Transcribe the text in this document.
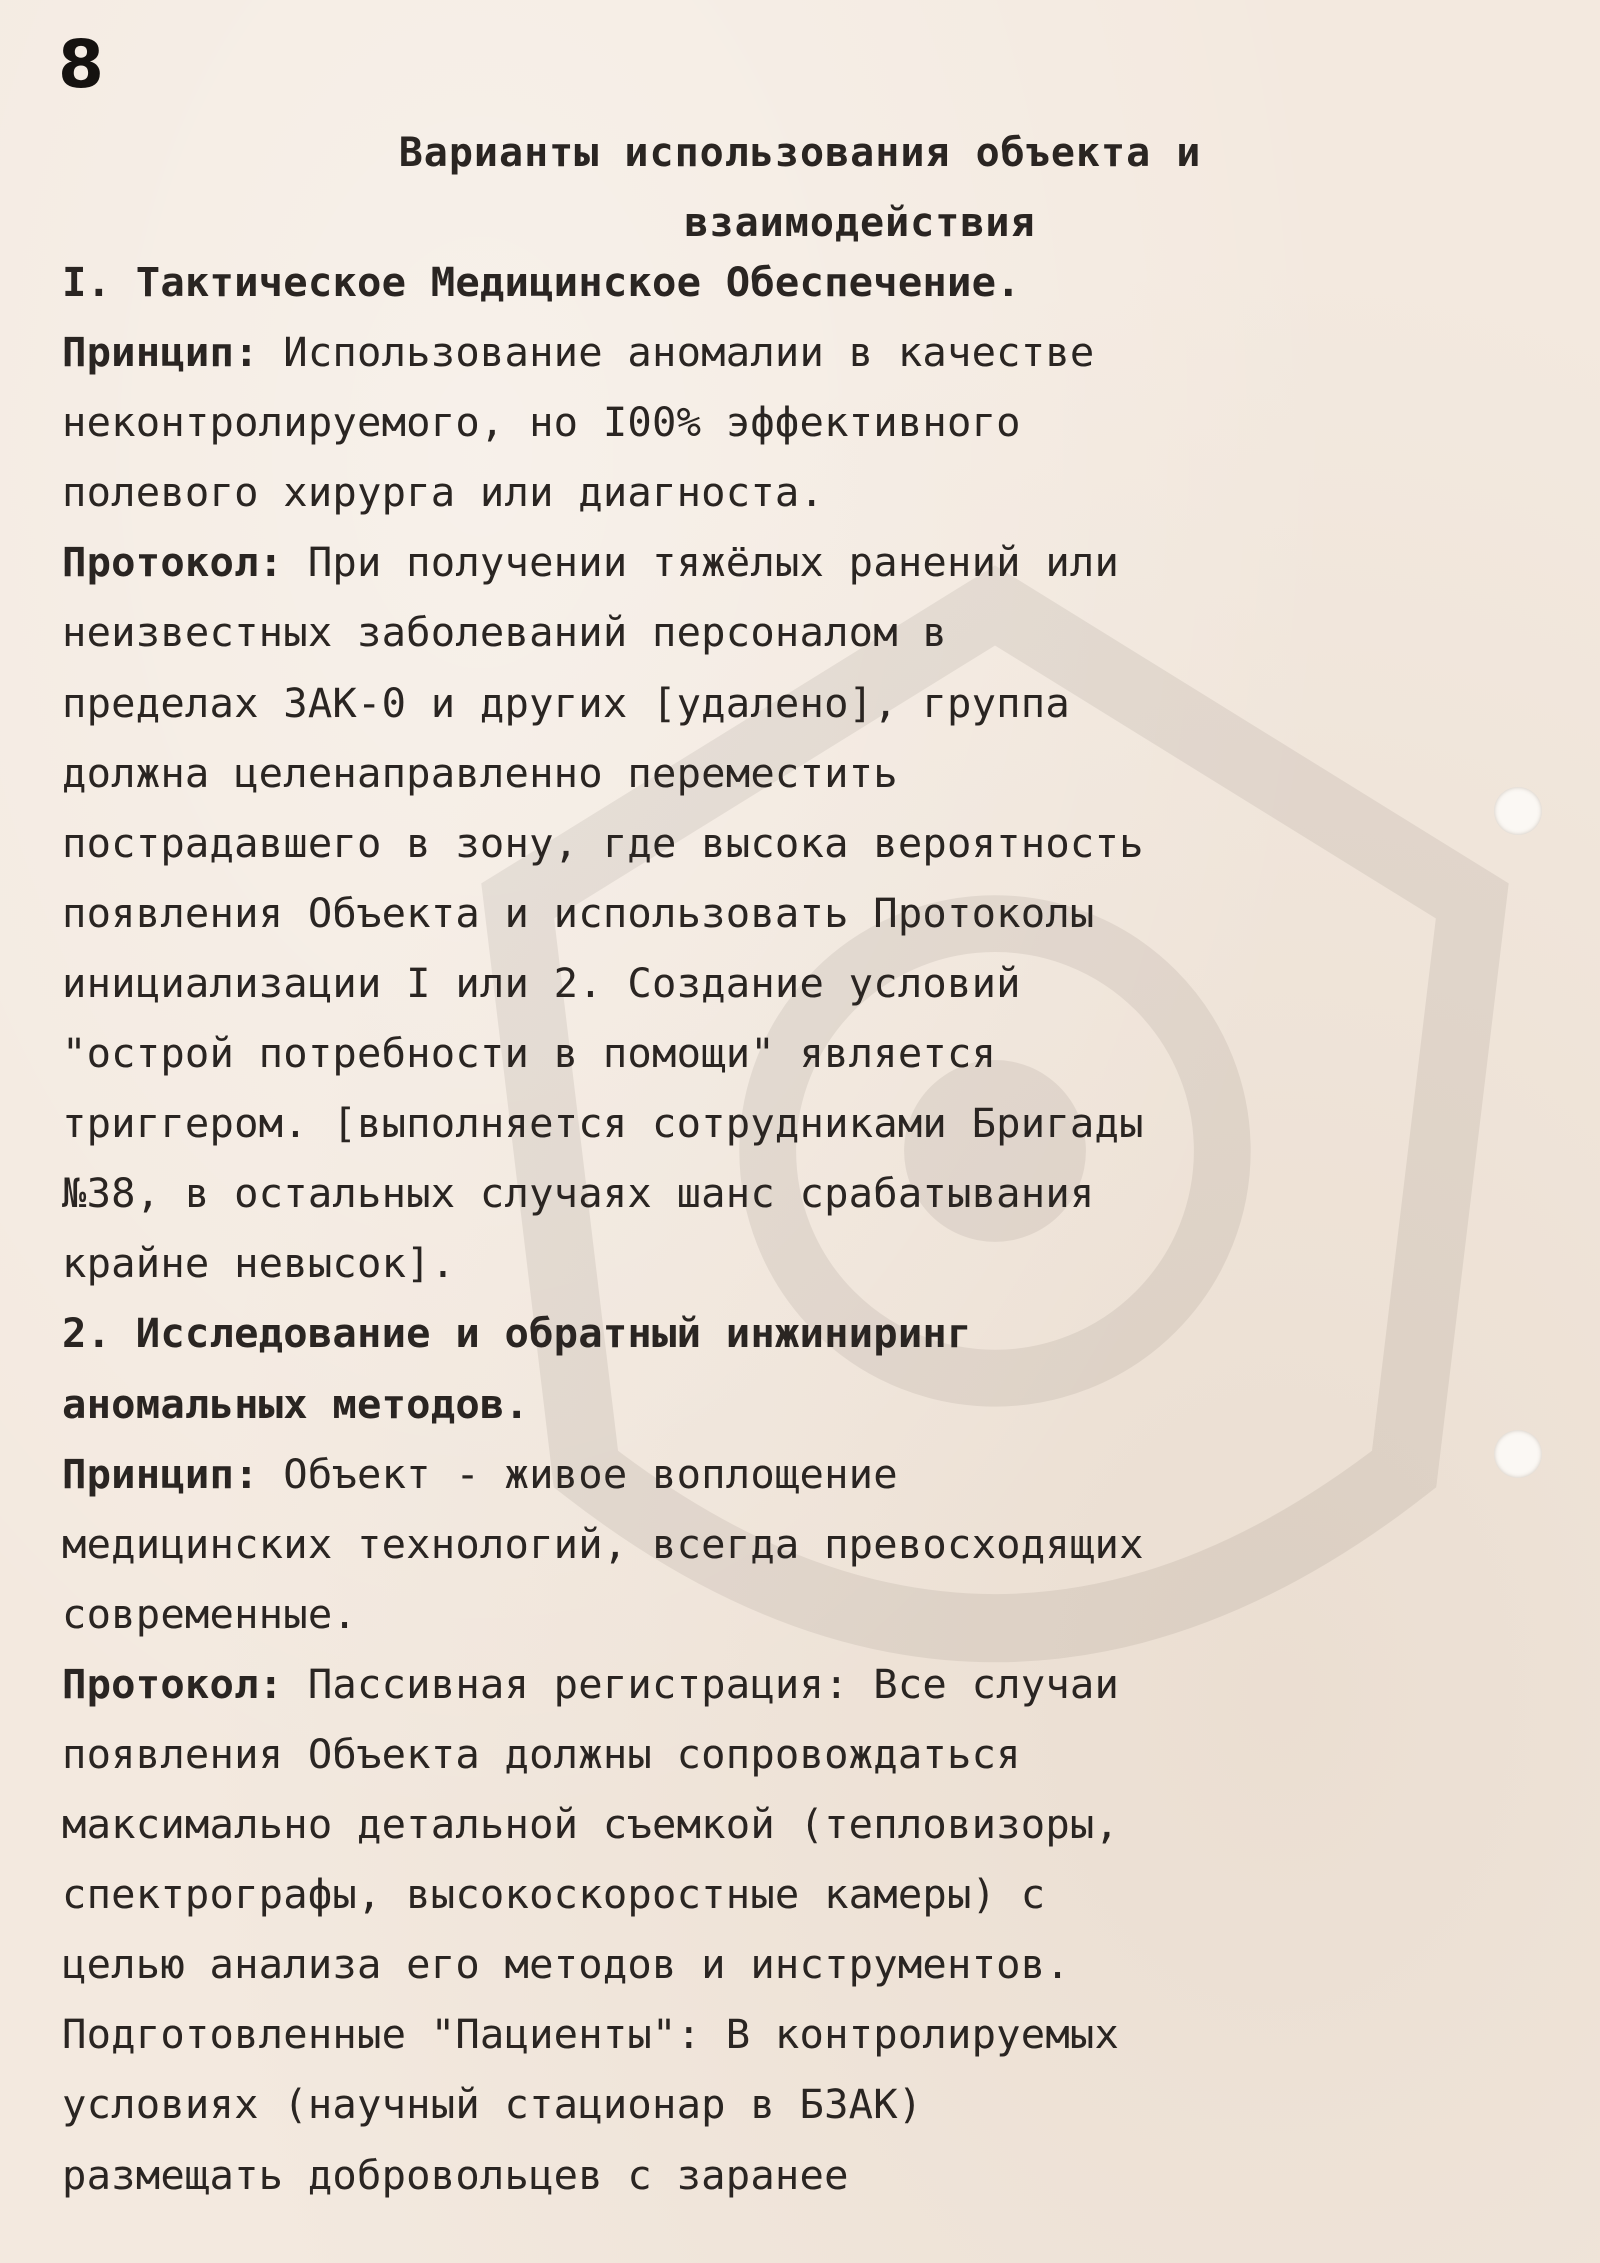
8
Варианты использования объекта и
взаимодействия
I. Тактическое Медицинское Обеспечение.
Принцип: Использование аномалии в качестве
неконтролируемого, но I00% эффективного
полевого хирурга или диагноста.
Протокол: При получении тяжёлых ранений или
неизвестных заболеваний персоналом в
пределах ЗАК-0 и других [удалено], группа
должна целенаправленно переместить
пострадавшего в зону, где высока вероятность
появления Объекта и использовать Протоколы
инициализации I или 2. Создание условий
"острой потребности в помощи" является
триггером. [выполняется сотрудниками Бригады
№38, в остальных случаях шанс срабатывания
крайне невысок].
2. Исследование и обратный инжиниринг
аномальных методов.
Принцип: Объект - живое воплощение
медицинских технологий, всегда превосходящих
современные.
Протокол: Пассивная регистрация: Все случаи
появления Объекта должны сопровождаться
максимально детальной съемкой (тепловизоры,
спектрографы, высокоскоростные камеры) с
целью анализа его методов и инструментов.
Подготовленные "Пациенты": В контролируемых
условиях (научный стационар в БЗАК)
размещать добровольцев с заранее
